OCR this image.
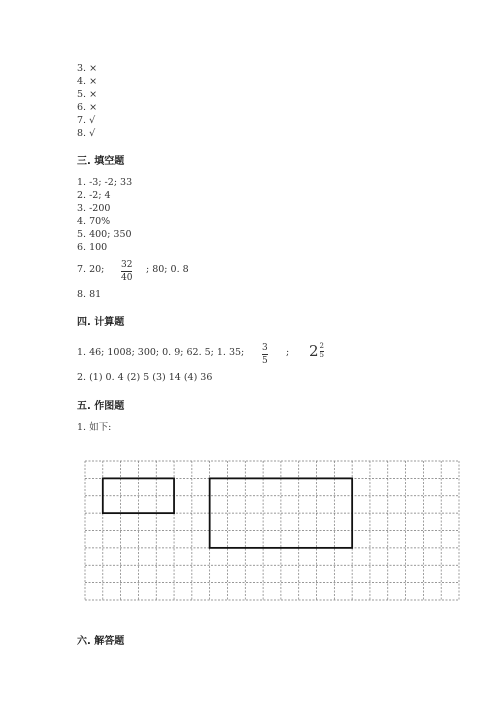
3. ×
4. ×
5. ×
6. ×
7. √
8. √
三. 填空题
1. -3; -2; 33
2. -2; 4
3. -200
4. 70%
5. 400; 350
6. 100
7. 20; 32
40
; 80; 0. 8
8. 81
四. 计算题
1. 46; 1008; 300; 0. 9; 62. 5; 1. 35; 3
5
; 2 2
5
2. (1) 0. 4 (2) 5 (3) 14 (4) 36
五. 作图题
1. 如下:
六. 解答题
